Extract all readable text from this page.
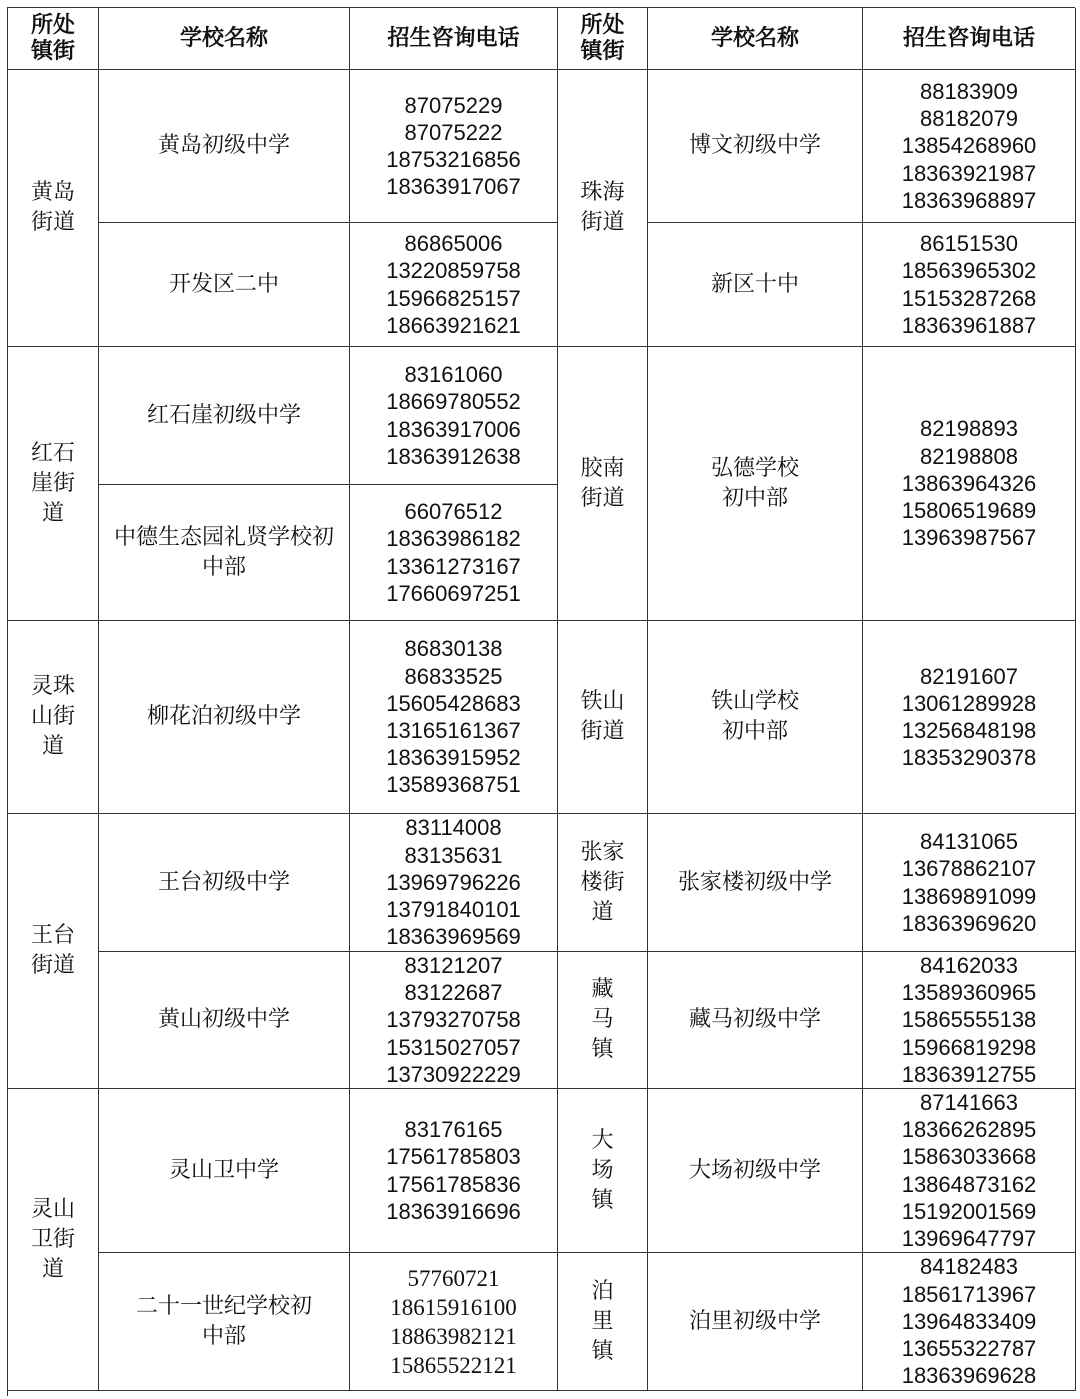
所处镇街
学校名称	招生咨询电话
所处镇街
学校名称	招生咨询电话
黄岛街道
红石崖街道
灵珠山街道
王台街道
灵山卫街道
黄岛初级中学
87075229
87075222
18753216856
18363917067
开发区二中
86865006
13220859758
15966825157
18663921621
红石崖初级中学
83161060
18669780552
18363917006
18363912638
中德生态园礼贤学校初中部
66076512
18363986182
13361273167
17660697251
柳花泊初级中学
86830138
86833525
15605428683
13165161367
18363915952
13589368751
王台初级中学
83114008
83135631
13969796226
13791840101
18363969569
黄山初级中学
83121207
83122687
13793270758
15315027057
13730922229
灵山卫中学
83176165
17561785803
17561785836
18363916696
二十一世纪学校初中部
57760721
18615916100
18863982121
15865522121
珠海街道
胶南街道
铁山街道
张家楼街道
藏马镇
大场镇
泊里镇
博文初级中学
88183909
88182079
13854268960
18363921987
18363968897
新区十中
86151530
18563965302
15153287268
18363961887
弘德学校初中部
82198893
82198808
13863964326
15806519689
13963987567
铁山学校初中部
82191607
13061289928
13256848198
18353290378
张家楼初级中学
84131065
13678862107
13869891099
18363969620
藏马初级中学
84162033
13589360965
15865555138
15966819298
18363912755
大场初级中学
87141663
18366262895
15863033668
13864873162
15192001569
13969647797
泊里初级中学
84182483
18561713967
13964833409
13655322787
18363969628
